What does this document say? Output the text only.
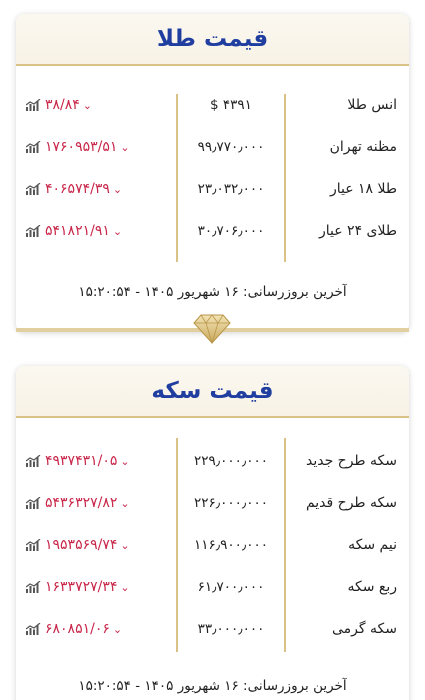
قیمت طلا
۳۸/۸۴ ⌄	$ ۴۳۹۱	انس طلا
۱۷۶۰۹۵۳/۵۱ ⌄	۹۹٫۷۷۰٫۰۰۰	مظنه تهران
۴۰۶۵۷۴/۳۹ ⌄	۲۳٫۰۳۲٫۰۰۰	طلا ۱۸ عیار
۵۴۱۸۲۱/۹۱ ⌄	۳۰٫۷۰۶٫۰۰۰	طلای ۲۴ عیار
آخرین بروزرسانی: ۱۶ شهریور ۱۴۰۵ - ۱۵:۲۰:۵۴
قیمت سکه
۴۹۳۷۴۳۱/۰۵ ⌄	۲۲۹٫۰۰۰٫۰۰۰	سکه طرح جدید
۵۴۳۶۳۲۷/۸۲ ⌄	۲۲۶٫۰۰۰٫۰۰۰	سکه طرح قدیم
۱۹۵۳۵۶۹/۷۴ ⌄	۱۱۶٫۹۰۰٫۰۰۰	نیم سکه
۱۶۳۳۷۲۷/۳۴ ⌄	۶۱٫۷۰۰٫۰۰۰	ربع سکه
۶۸۰۸۵۱/۰۶ ⌄	۳۳٫۰۰۰٫۰۰۰	سکه گرمی
آخرین بروزرسانی: ۱۶ شهریور ۱۴۰۵ - ۱۵:۲۰:۵۴
